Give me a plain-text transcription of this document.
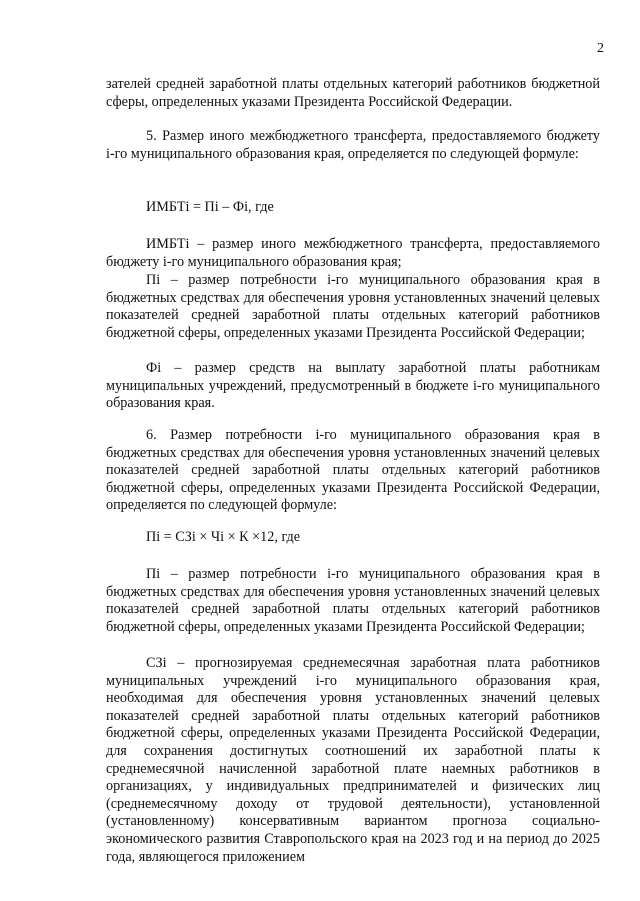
2
зателей средней заработной платы отдельных категорий работников бюджетной сферы, определенных указами Президента Российской Федерации.
5. Размер иного межбюджетного трансферта, предоставляемого бюджету i-го муниципального образования края, определяется по следующей формуле:
ИМБТi = Пi – Фi, где
ИМБТi – размер иного межбюджетного трансферта, предоставляемого бюджету i-го муниципального образования края;
Пi – размер потребности i-го муниципального образования края в бюджетных средствах для обеспечения уровня установленных значений целевых показателей средней заработной платы отдельных категорий работников бюджетной сферы, определенных указами Президента Российской Федерации;
Фi – размер средств на выплату заработной платы работникам муниципальных учреждений, предусмотренный в бюджете i-го муниципального образования края.
6. Размер потребности i-го муниципального образования края в бюджетных средствах для обеспечения уровня установленных значений целевых показателей средней заработной платы отдельных категорий работников бюджетной сферы, определенных указами Президента Российской Федерации, определяется по следующей формуле:
Пi = СЗi × Чi × К ×12, где
Пi – размер потребности i-го муниципального образования края в бюджетных средствах для обеспечения уровня установленных значений целевых показателей средней заработной платы отдельных категорий работников бюджетной сферы, определенных указами Президента Российской Федерации;
СЗi – прогнозируемая среднемесячная заработная плата работников муниципальных учреждений i-го муниципального образования края, необходимая для обеспечения уровня установленных значений целевых показателей средней заработной платы отдельных категорий работников бюджетной сферы, определенных указами Президента Российской Федерации, для сохранения достигнутых соотношений их заработной платы к среднемесячной начисленной заработной плате наемных работников в организациях, у индивидуальных предпринимателей и физических лиц (среднемесячному доходу от трудовой деятельности), установленной (установленному) консервативным вариантом прогноза социально-экономического развития Ставропольского края на 2023 год и на период до 2025 года, являющегося приложением
